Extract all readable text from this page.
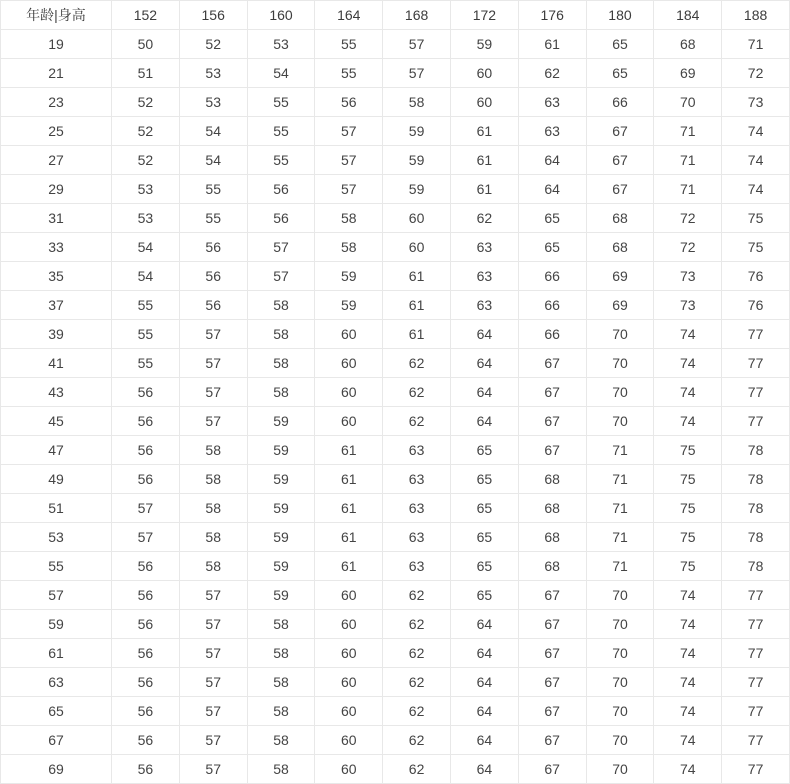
年龄|身高	152	156	160	164	168	172	176	180	184	188
19	50	52	53	55	57	59	61	65	68	71
21	51	53	54	55	57	60	62	65	69	72
23	52	53	55	56	58	60	63	66	70	73
25	52	54	55	57	59	61	63	67	71	74
27	52	54	55	57	59	61	64	67	71	74
29	53	55	56	57	59	61	64	67	71	74
31	53	55	56	58	60	62	65	68	72	75
33	54	56	57	58	60	63	65	68	72	75
35	54	56	57	59	61	63	66	69	73	76
37	55	56	58	59	61	63	66	69	73	76
39	55	57	58	60	61	64	66	70	74	77
41	55	57	58	60	62	64	67	70	74	77
43	56	57	58	60	62	64	67	70	74	77
45	56	57	59	60	62	64	67	70	74	77
47	56	58	59	61	63	65	67	71	75	78
49	56	58	59	61	63	65	68	71	75	78
51	57	58	59	61	63	65	68	71	75	78
53	57	58	59	61	63	65	68	71	75	78
55	56	58	59	61	63	65	68	71	75	78
57	56	57	59	60	62	65	67	70	74	77
59	56	57	58	60	62	64	67	70	74	77
61	56	57	58	60	62	64	67	70	74	77
63	56	57	58	60	62	64	67	70	74	77
65	56	57	58	60	62	64	67	70	74	77
67	56	57	58	60	62	64	67	70	74	77
69	56	57	58	60	62	64	67	70	74	77
